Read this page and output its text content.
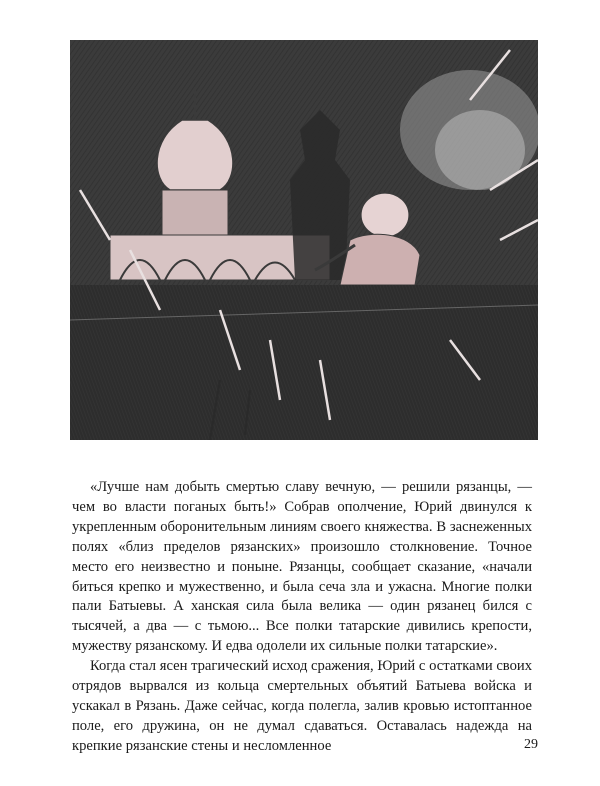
«Лучше нам добыть смертью славу вечную, — решили рязанцы, — чем во власти поганых быть!» Собрав ополчение, Юрий двинулся к укрепленным оборонительным линиям своего княжества. В заснеженных полях «близ пределов рязанских» произошло столкновение. Точное место его неизвестно и поныне. Рязанцы, сообщает сказание, «начали биться крепко и мужественно, и была сеча зла и ужасна. Многие полки пали Батыевы. А ханская сила была велика — один рязанец бился с тысячей, а два — с тьмою... Все полки татарские дивились крепости, мужеству рязанскому. И едва одолели их сильные полки татарские».

Когда стал ясен трагический исход сражения, Юрий с остатками своих отрядов вырвался из кольца смертельных объятий Батыева войска и ускакал в Рязань. Даже сейчас, когда полегла, залив кровью истоптанное поле, его дружина, он не думал сдаваться. Оставалась надежда на крепкие рязанские стены и несломленное	29
